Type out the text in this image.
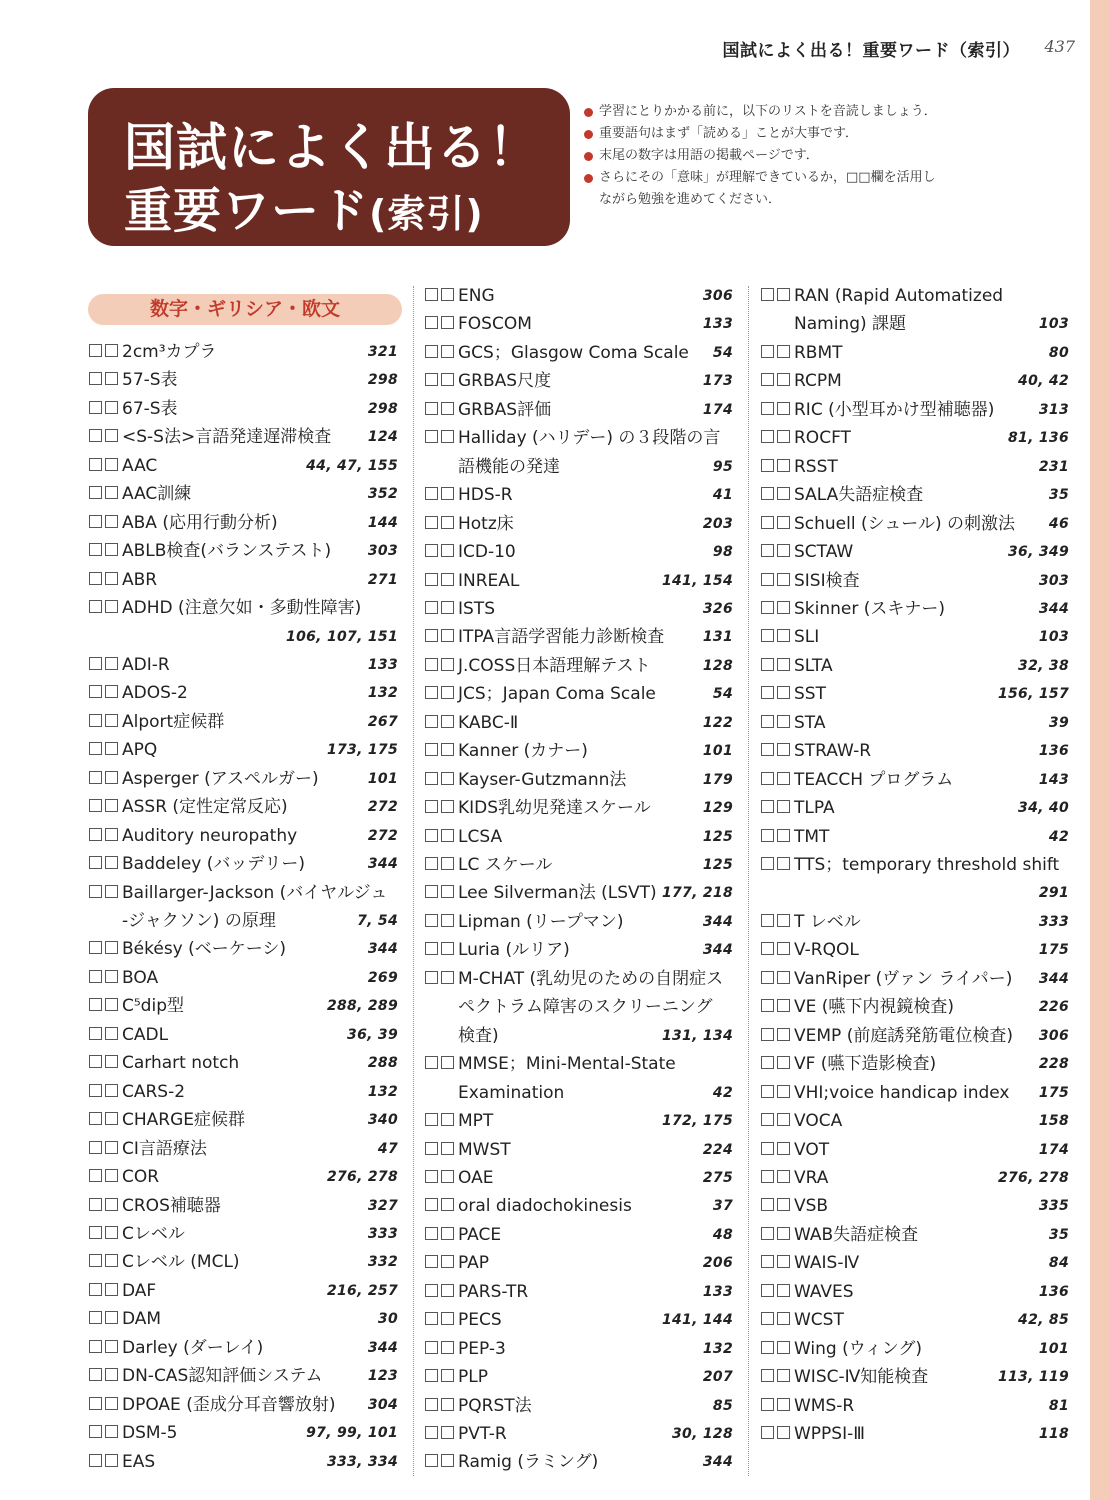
国試によく出る！重要ワード（索引） 437
国試によく出る！
重要ワード(索引)
学習にとりかかる前に，以下のリストを音読しましょう．
重要語句はまず「読める」ことが大事です．
末尾の数字は用語の掲載ページです．
さらにその「意味」が理解できているか，□□欄を活用しながら勉強を進めてください．
数字・ギリシア・欧文
2cm³カプラ	321
57-S表	298
67-S表	298
<S-S法>言語発達遅滞検査	124
AAC	44, 47, 155
AAC訓練	352
ABA (応用行動分析)	144
ABLB検査(バランステスト)	303
ABR	271
ADHD (注意欠如・多動性障害)
106, 107, 151
ADI-R	133
ADOS-2	132
Alport症候群	267
APQ	173, 175
Asperger (アスペルガー)	101
ASSR (定性定常反応)	272
Auditory neuropathy	272
Baddeley (バッデリー)	344
Baillarger-Jackson (バイヤルジュ
-ジャクソン) の原理	7, 54
Békésy (ベーケーシ)	344
BOA	269
C⁵dip型	288, 289
CADL	36, 39
Carhart notch	288
CARS-2	132
CHARGE症候群	340
CI言語療法	47
COR	276, 278
CROS補聴器	327
Cレベル	333
Cレベル (MCL)	332
DAF	216, 257
DAM	30
Darley (ダーレイ)	344
DN-CAS認知評価システム	123
DPOAE (歪成分耳音響放射) 304
DSM-5	97, 99, 101
EAS	333, 334
ENG	306
FOSCOM	133
GCS；Glasgow Coma Scale 54
GRBAS尺度	173
GRBAS評価	174
Halliday (ハリデー) の３段階の言
語機能の発達	95
HDS-R	41
Hotz床	203
ICD-10	98
INREAL	141, 154
ISTS	326
ITPA言語学習能力診断検査	131
J.COSS日本語理解テスト	128
JCS；Japan Coma Scale	54
KABC-Ⅱ	122
Kanner (カナー)	101
Kayser-Gutzmann法	179
KIDS乳幼児発達スケール	129
LCSA	125
LC スケール	125
Lee Silverman法 (LSVT) 177, 218
Lipman (リープマン)	344
Luria (ルリア)	344
M-CHAT (乳幼児のための自閉症ス
ペクトラム障害のスクリーニング
検査)	131, 134
MMSE；Mini-Mental-State
Examination	42
MPT	172, 175
MWST	224
OAE	275
oral diadochokinesis	37
PACE	48
PAP	206
PARS-TR	133
PECS	141, 144
PEP-3	132
PLP	207
PQRST法	85
PVT-R	30, 128
Ramig (ラミング)	344
RAN (Rapid Automatized
Naming) 課題	103
RBMT	80
RCPM	40, 42
RIC (小型耳かけ型補聴器)	313
ROCFT	81, 136
RSST	231
SALA失語症検査	35
Schuell (シュール) の刺激法 46
SCTAW	36, 349
SISI検査	303
Skinner (スキナー)	344
SLI	103
SLTA	32, 38
SST	156, 157
STA	39
STRAW-R	136
TEACCH プログラム	143
TLPA	34, 40
TMT	42
TTS；temporary threshold shift
291
T レベル	333
V-RQOL	175
VanRiper (ヴァン ライパー) 344
VE (嚥下内視鏡検査)	226
VEMP (前庭誘発筋電位検査) 306
VF (嚥下造影検査)	228
VHI;voice handicap index 175
VOCA	158
VOT	174
VRA	276, 278
VSB	335
WAB失語症検査	35
WAIS-Ⅳ	84
WAVES	136
WCST	42, 85
Wing (ウィング)	101
WISC-Ⅳ知能検査	113, 119
WMS-R	81
WPPSI-Ⅲ	118
